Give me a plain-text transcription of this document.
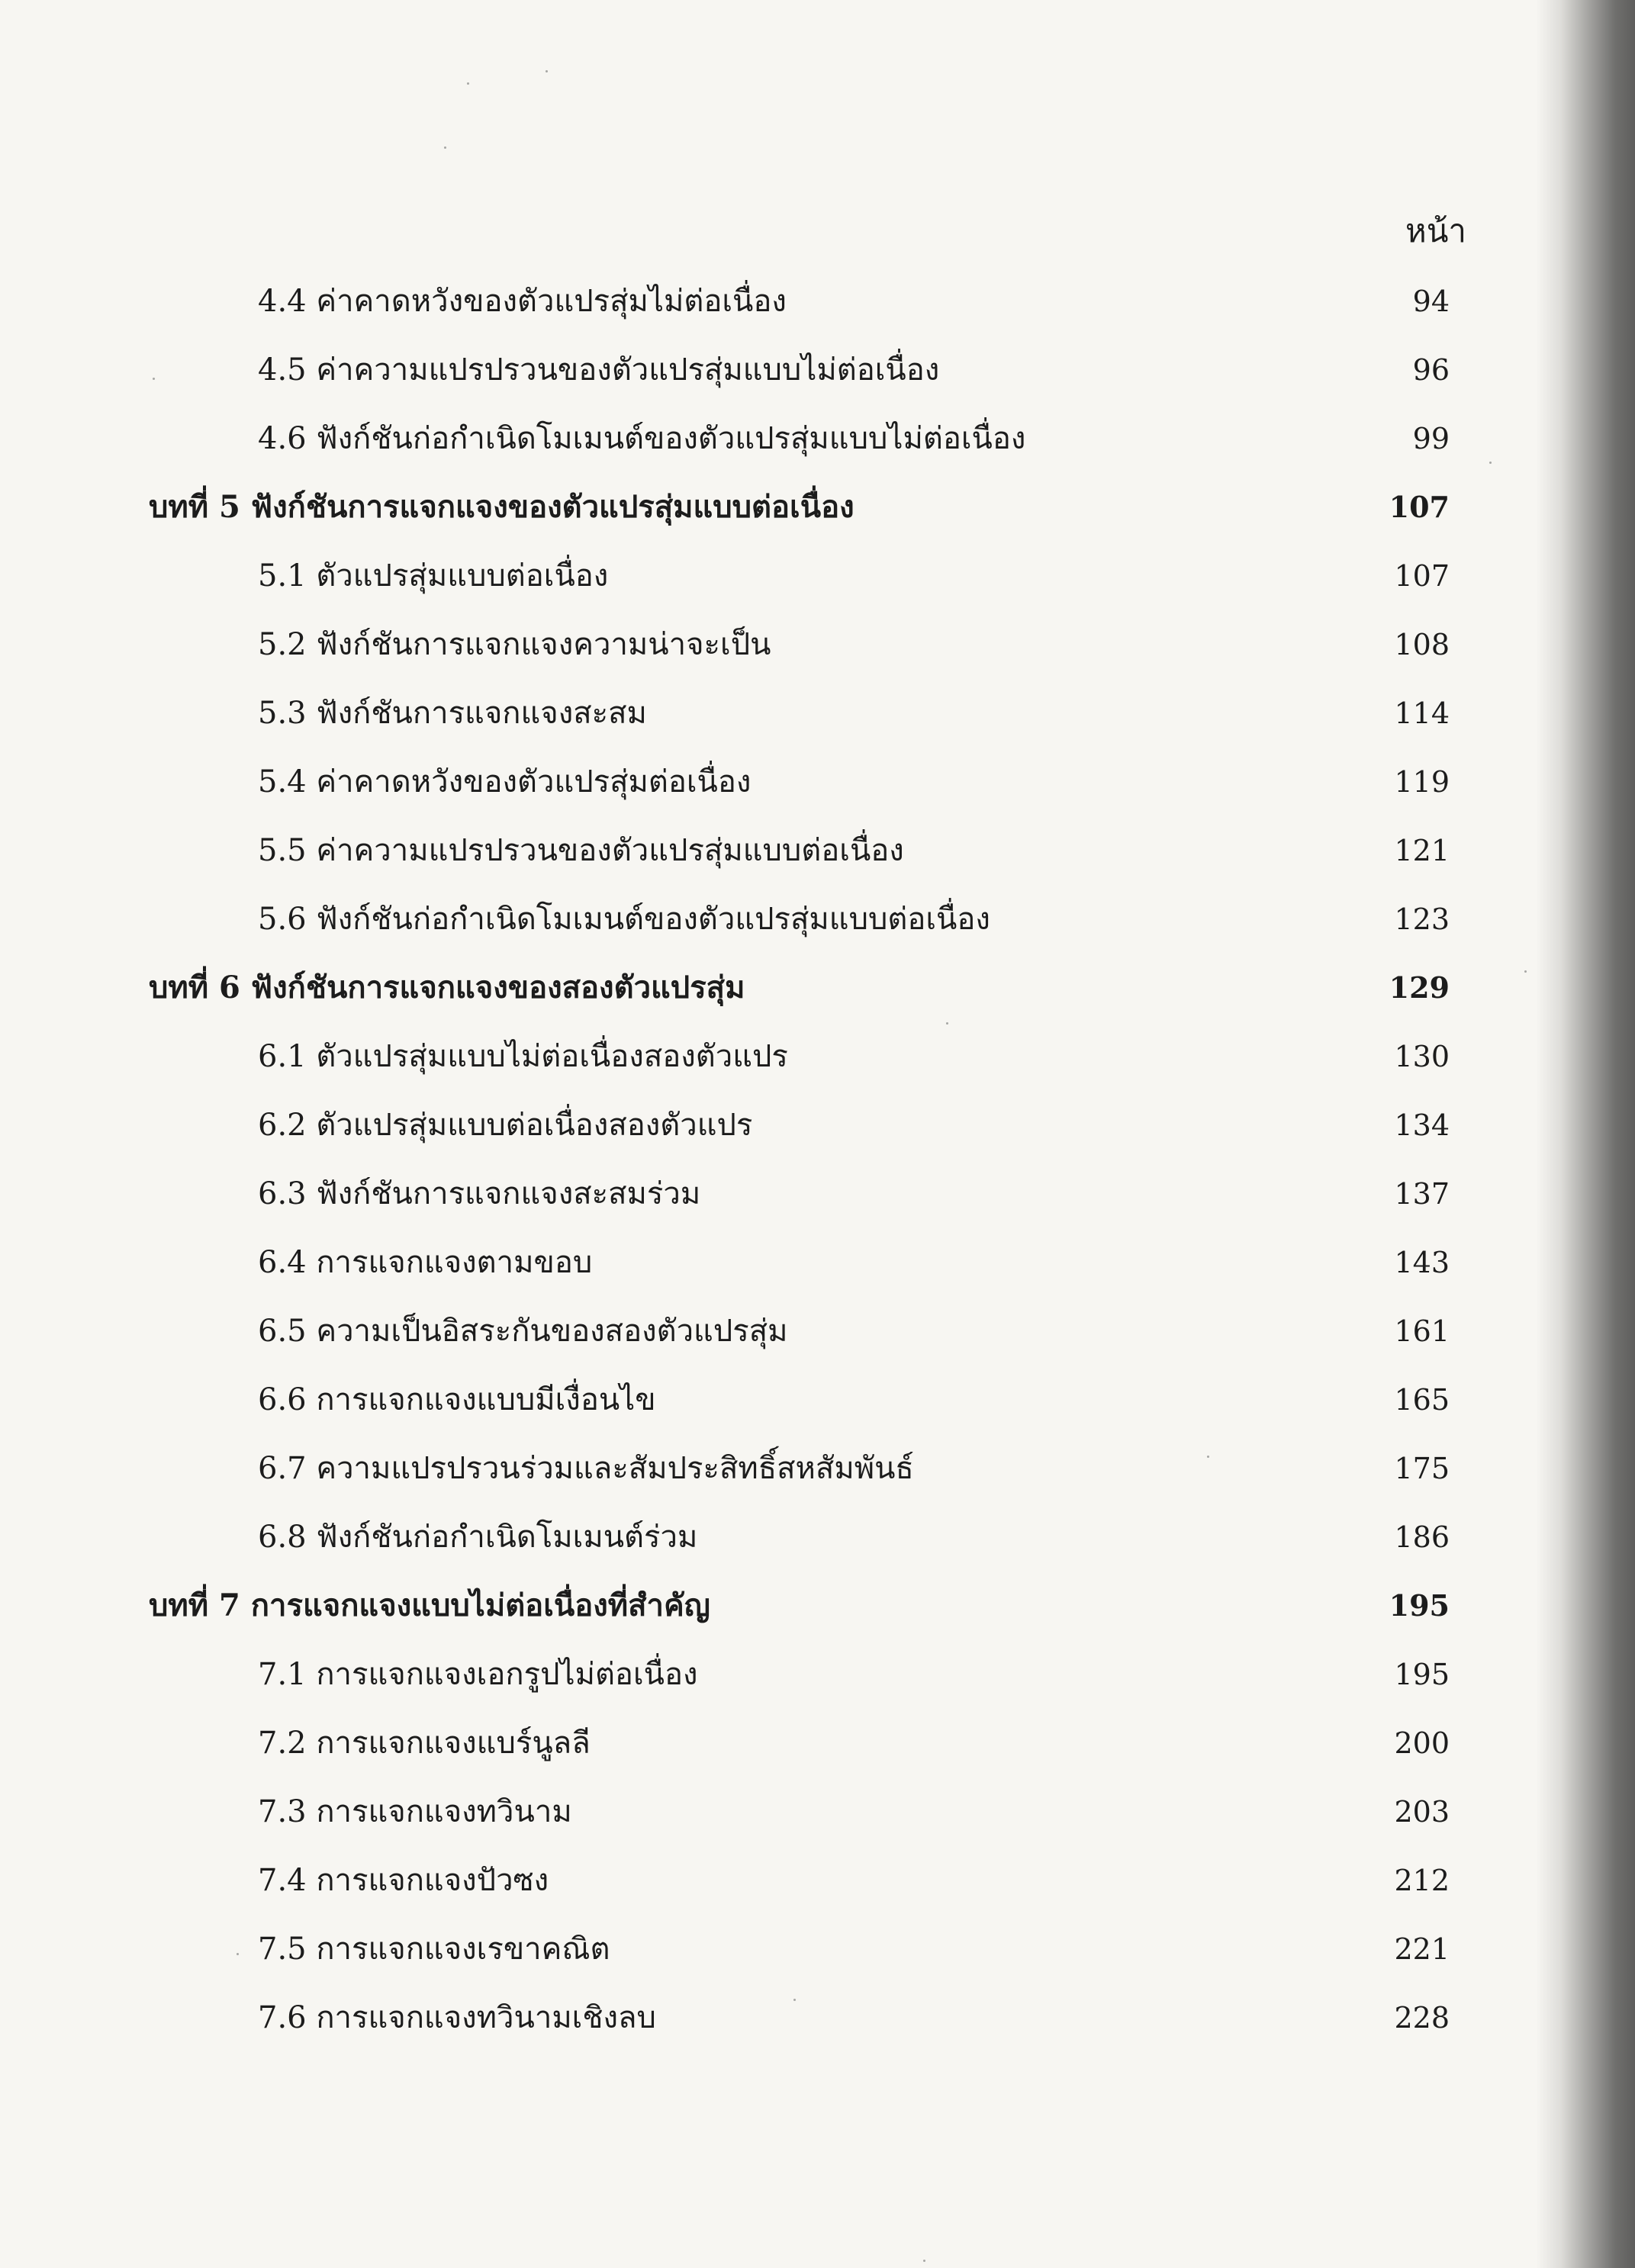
หน้า
4.4 ค่าคาดหวังของตัวแปรสุ่มไม่ต่อเนื่อง	94
4.5 ค่าความแปรปรวนของตัวแปรสุ่มแบบไม่ต่อเนื่อง	96
4.6 ฟังก์ชันก่อกำเนิดโมเมนต์ของตัวแปรสุ่มแบบไม่ต่อเนื่อง	99
บทที่ 5 ฟังก์ชันการแจกแจงของตัวแปรสุ่มแบบต่อเนื่อง	107
5.1 ตัวแปรสุ่มแบบต่อเนื่อง	107
5.2 ฟังก์ชันการแจกแจงความน่าจะเป็น	108
5.3 ฟังก์ชันการแจกแจงสะสม	114
5.4 ค่าคาดหวังของตัวแปรสุ่มต่อเนื่อง	119
5.5 ค่าความแปรปรวนของตัวแปรสุ่มแบบต่อเนื่อง	121
5.6 ฟังก์ชันก่อกำเนิดโมเมนต์ของตัวแปรสุ่มแบบต่อเนื่อง	123
บทที่ 6 ฟังก์ชันการแจกแจงของสองตัวแปรสุ่ม	129
6.1 ตัวแปรสุ่มแบบไม่ต่อเนื่องสองตัวแปร	130
6.2 ตัวแปรสุ่มแบบต่อเนื่องสองตัวแปร	134
6.3 ฟังก์ชันการแจกแจงสะสมร่วม	137
6.4 การแจกแจงตามขอบ	143
6.5 ความเป็นอิสระกันของสองตัวแปรสุ่ม	161
6.6 การแจกแจงแบบมีเงื่อนไข	165
6.7 ความแปรปรวนร่วมและสัมประสิทธิ์สหสัมพันธ์	175
6.8 ฟังก์ชันก่อกำเนิดโมเมนต์ร่วม	186
บทที่ 7 การแจกแจงแบบไม่ต่อเนื่องที่สำคัญ	195
7.1 การแจกแจงเอกรูปไม่ต่อเนื่อง	195
7.2 การแจกแจงแบร์นูลลี	200
7.3 การแจกแจงทวินาม	203
7.4 การแจกแจงปัวซง	212
7.5 การแจกแจงเรขาคณิต	221
7.6 การแจกแจงทวินามเชิงลบ	228
